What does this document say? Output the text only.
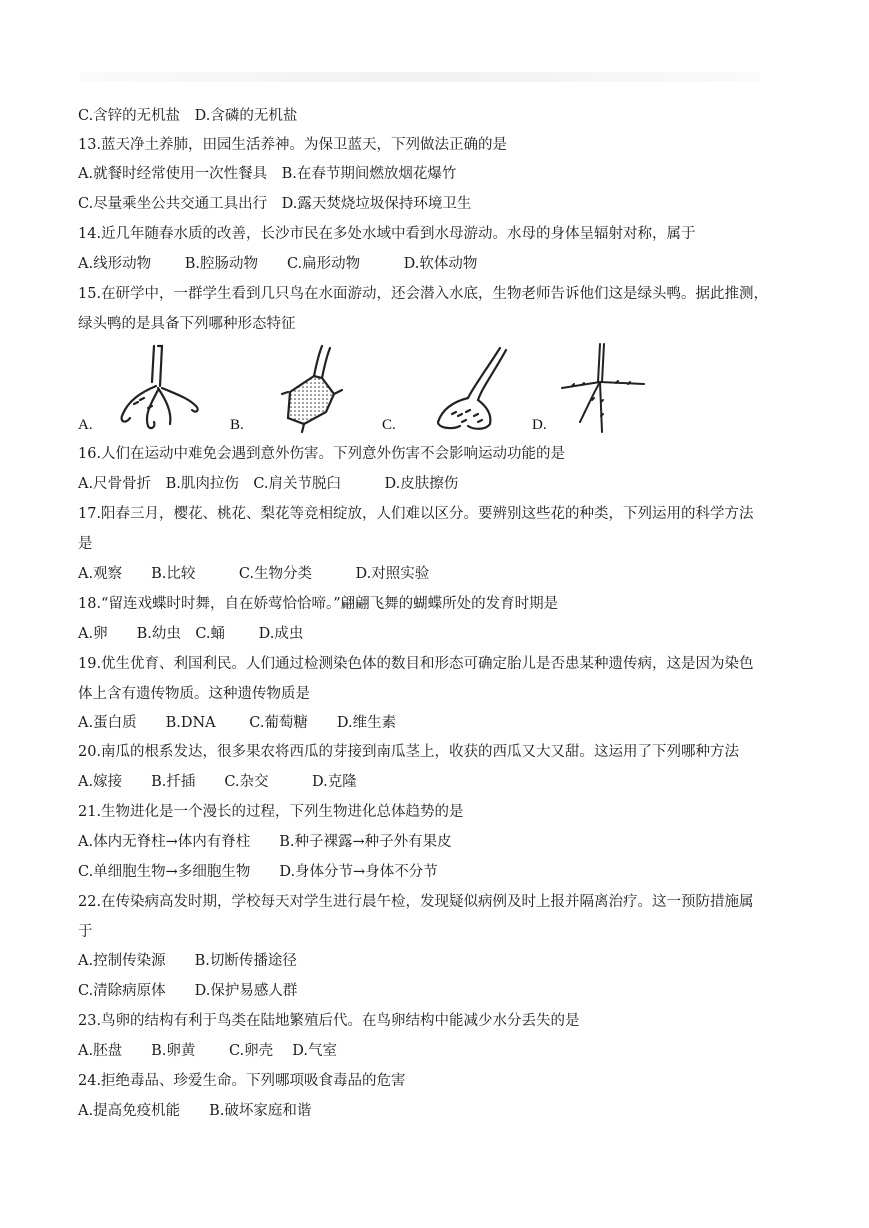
C.含锌的无机盐　D.含磷的无机盐
13.蓝天净土养肺，田园生活养神。为保卫蓝天，下列做法正确的是
A.就餐时经常使用一次性餐具　B.在春节期间燃放烟花爆竹
C.尽量乘坐公共交通工具出行　D.露天焚烧垃圾保持环境卫生
14.近几年随春水质的改善，长沙市民在多处水域中看到水母游动。水母的身体呈辐射对称，属于
A.线形动物　　 B.腔肠动物　　C.扁形动物　　　D.软体动物
15.在研学中，一群学生看到几只鸟在水面游动，还会潜入水底，生物老师告诉他们这是绿头鸭。据此推测，
绿头鸭的是具备下列哪种形态特征
A.	B.	C.	D.
16.人们在运动中难免会遇到意外伤害。下列意外伤害不会影响运动功能的是
A.尺骨骨折　B.肌肉拉伤　C.肩关节脱臼　　　D.皮肤擦伤
17.阳春三月，樱花、桃花、梨花等竞相绽放，人们难以区分。要辨别这些花的种类，下列运用的科学方法
是
A.观察　　B.比较　　　C.生物分类　　　D.对照实验
18.“留连戏蝶时时舞，自在娇莺恰恰啼。”翩翩飞舞的蝴蝶所处的发育时期是
A.卵　　B.幼虫　C.蛹　　 D.成虫
19.优生优育、利国利民。人们通过检测染色体的数目和形态可确定胎儿是否患某种遗传病，这是因为染色
体上含有遗传物质。这种遗传物质是
A.蛋白质　　B.DNA　　 C.葡萄糖　　D.维生素
20.南瓜的根系发达，很多果农将西瓜的芽接到南瓜茎上，收获的西瓜又大又甜。这运用了下列哪种方法
A.嫁接　　B.扦插　　C.杂交　　　D.克隆
21.生物进化是一个漫长的过程，下列生物进化总体趋势的是
A.体内无脊柱→体内有脊柱　　B.种子裸露→种子外有果皮
C.单细胞生物→多细胞生物　　D.身体分节→身体不分节
22.在传染病高发时期，学校每天对学生进行晨午检，发现疑似病例及时上报并隔离治疗。这一预防措施属
于
A.控制传染源　　B.切断传播途径
C.清除病原体　　D.保护易感人群
23.鸟卵的结构有利于鸟类在陆地繁殖后代。在鸟卵结构中能减少水分丢失的是
A.胚盘　　B.卵黄　　 C.卵壳　 D.气室
24.拒绝毒品、珍爱生命。下列哪项吸食毒品的危害
A.提高免疫机能　　B.破坏家庭和谐
